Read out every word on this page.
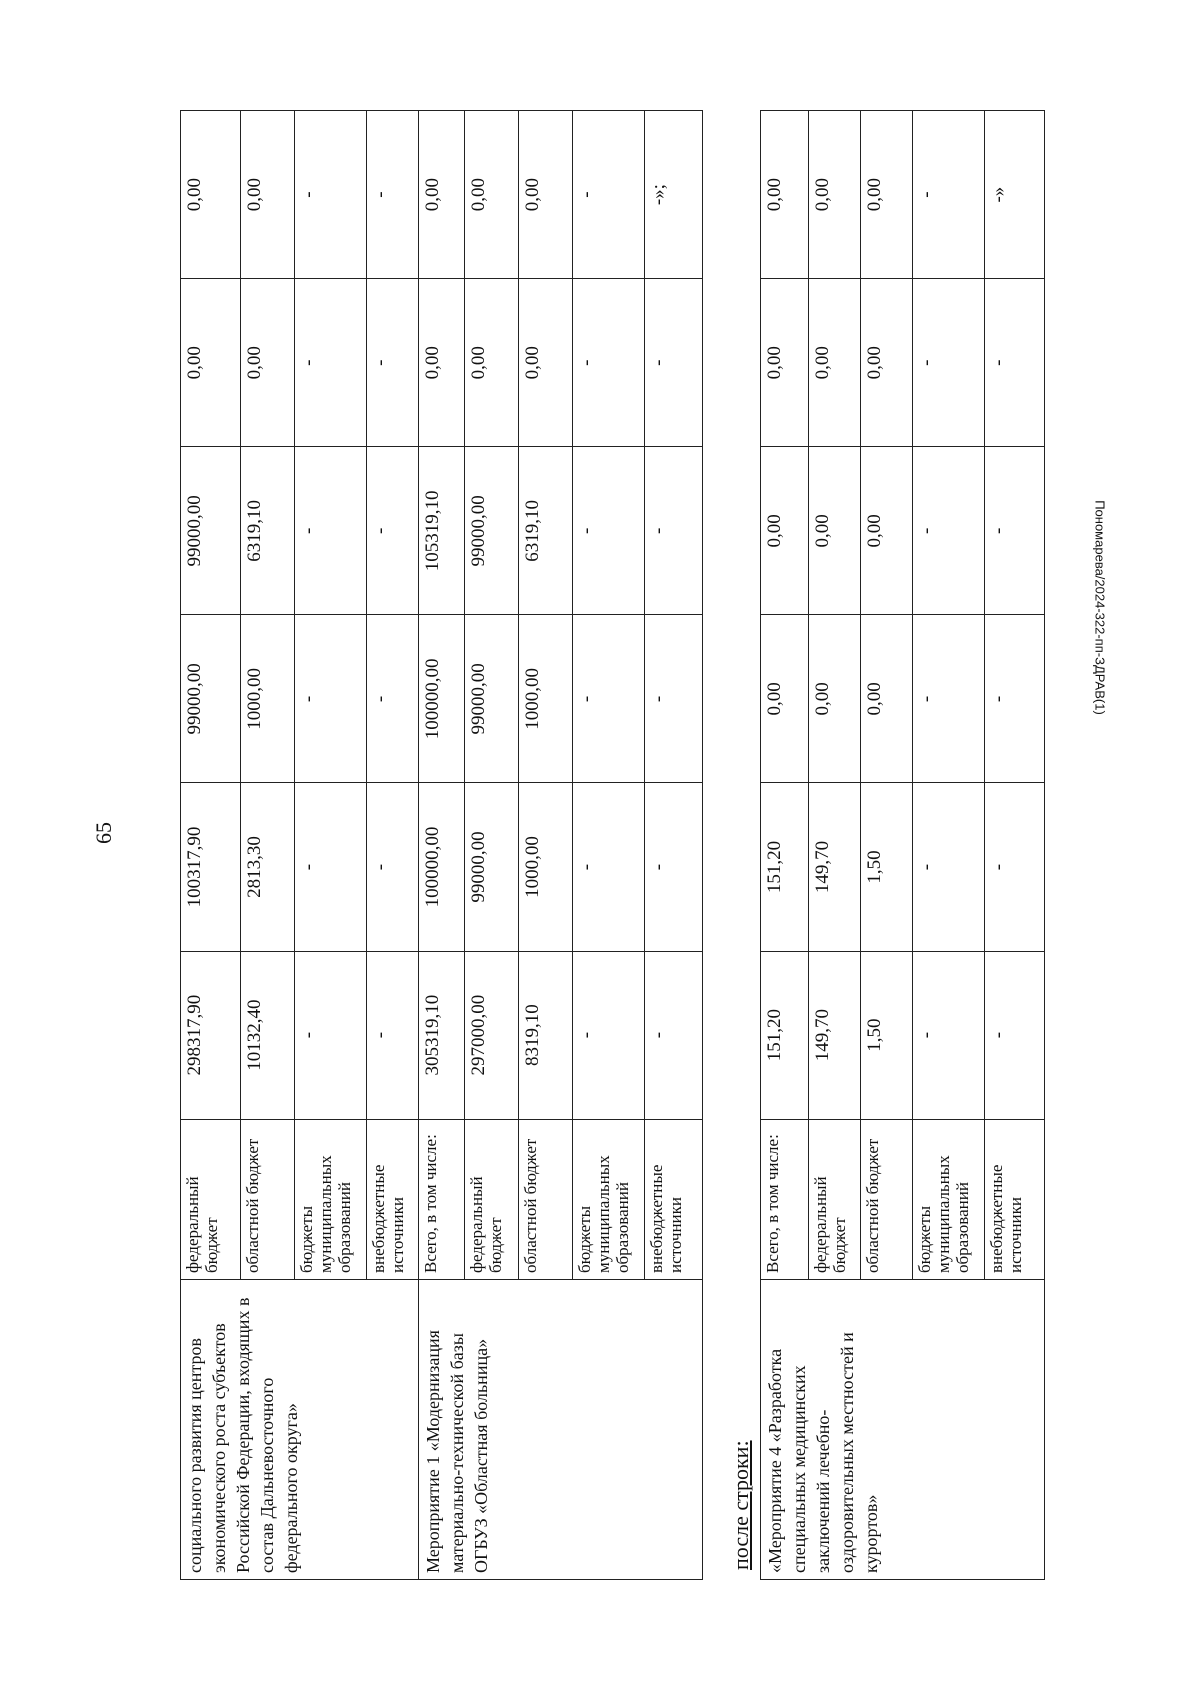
65
Пономарева/2024-322-пп-ЗДРАВ(1)
социального развития центров экономического роста субъектов Российской Федерации, входящих в состав Дальневосточного федерального округа»	федеральный бюджет	298317,90	100317,90	99000,00	99000,00	0,00	0,00
	областной бюджет	10132,40	2813,30	1000,00	6319,10	0,00	0,00
	бюджеты муниципальных образований	-	-	-	-	-	-
	внебюджетные источники	-	-	-	-	-	-
Мероприятие 1 «Модернизация материально-технической базы ОГБУЗ «Областная больница»	Всего, в том числе:	305319,10	100000,00	100000,00	105319,10	0,00	0,00
	федеральный бюджет	297000,00	99000,00	99000,00	99000,00	0,00	0,00
	областной бюджет	8319,10	1000,00	1000,00	6319,10	0,00	0,00
	бюджеты муниципальных образований	-	-	-	-	-	-
	внебюджетные источники	-	-	-	-	-	-»;
после строки: «Мероприятие 4 «Разработка специальных медицинских заключений лечебно-оздоровительных местностей и курортов»	Всего, в том числе:	151,20	151,20	0,00	0,00	0,00	0,00
	федеральный бюджет	149,70	149,70	0,00	0,00	0,00	0,00
	областной бюджет	1,50	1,50	0,00	0,00	0,00	0,00
	бюджеты муниципальных образований	-	-	-	-	-	-
	внебюджетные источники	-	-	-	-	-	-»
